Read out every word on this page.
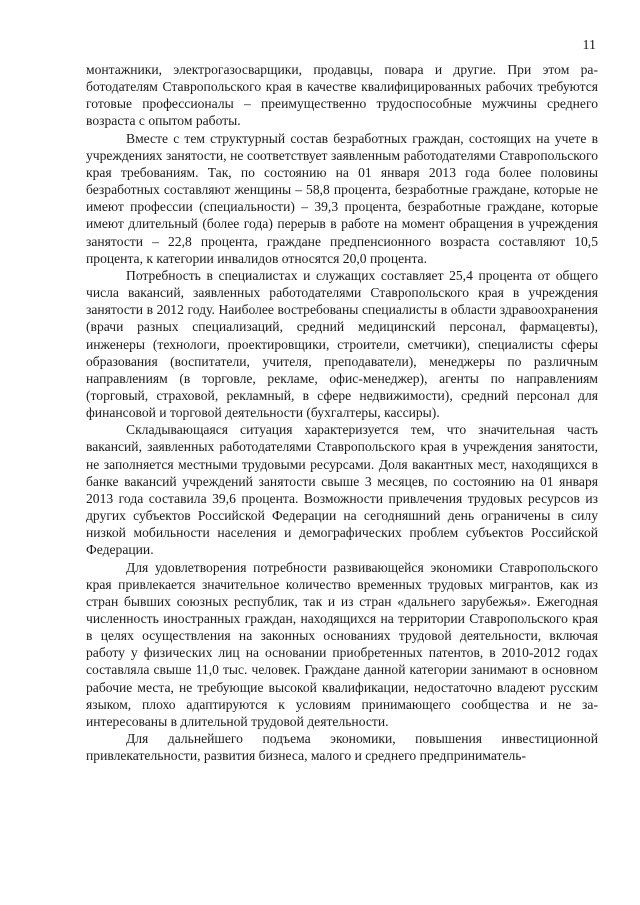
11

монтажники, электрогазосварщики, продавцы, повара и другие. При этом работодателям Ставропольского края в качестве квалифицированных рабочих требуются готовые профессионалы – преимущественно трудоспособные мужчины среднего возраста с опытом работы.

Вместе с тем структурный состав безработных граждан, состоящих на учете в учреждениях занятости, не соответствует заявленным работодателями Ставропольского края требованиям. Так, по состоянию на 01 января 2013 года более половины безработных составляют женщины – 58,8 процента, безработные граждане, которые не имеют профессии (специальности) – 39,3 процента, безработные граждане, которые имеют длительный (более года) перерыв в работе на момент обращения в учреждения занятости – 22,8 процента, граждане предпенсионного возраста составляют 10,5 процента, к категории инвалидов относятся 20,0 процента.

Потребность в специалистах и служащих составляет 25,4 процента от общего числа вакансий, заявленных работодателями Ставропольского края в учреждения занятости в 2012 году. Наиболее востребованы специалисты в области здравоохранения (врачи разных специализаций, средний медицинский персонал, фармацевты), инженеры (технологи, проектировщики, строители, сметчики), специалисты сферы образования (воспитатели, учителя, преподаватели), менеджеры по различным направлениям (в торговле, рекламе, офис-менеджер), агенты по направлениям (торговый, страховой, рекламный, в сфере недвижимости), средний персонал для финансовой и торговой деятельности (бухгалтеры, кассиры).

Складывающаяся ситуация характеризуется тем, что значительная часть вакансий, заявленных работодателями Ставропольского края в учреждения занятости, не заполняется местными трудовыми ресурсами. Доля вакантных мест, находящихся в банке вакансий учреждений занятости свыше 3 месяцев, по состоянию на 01 января 2013 года составила 39,6 процента. Возможности привлечения трудовых ресурсов из других субъектов Российской Федерации на сегодняшний день ограничены в силу низкой мобильности населения и демографических проблем субъектов Российской Федерации.

Для удовлетворения потребности развивающейся экономики Ставропольского края привлекается значительное количество временных трудовых мигрантов, как из стран бывших союзных республик, так и из стран «дальнего зарубежья». Ежегодная численность иностранных граждан, находящихся на территории Ставропольского края в целях осуществления на законных основаниях трудовой деятельности, включая работу у физических лиц на основании приобретенных патентов, в 2010-2012 годах составляла свыше 11,0 тыс. человек. Граждане данной категории занимают в основном рабочие места, не требующие высокой квалификации, недостаточно владеют русским языком, плохо адаптируются к условиям принимающего сообщества и не заинтересованы в длительной трудовой деятельности.

Для дальнейшего подъема экономики, повышения инвестиционной привлекательности, развития бизнеса, малого и среднего предприниматель-
